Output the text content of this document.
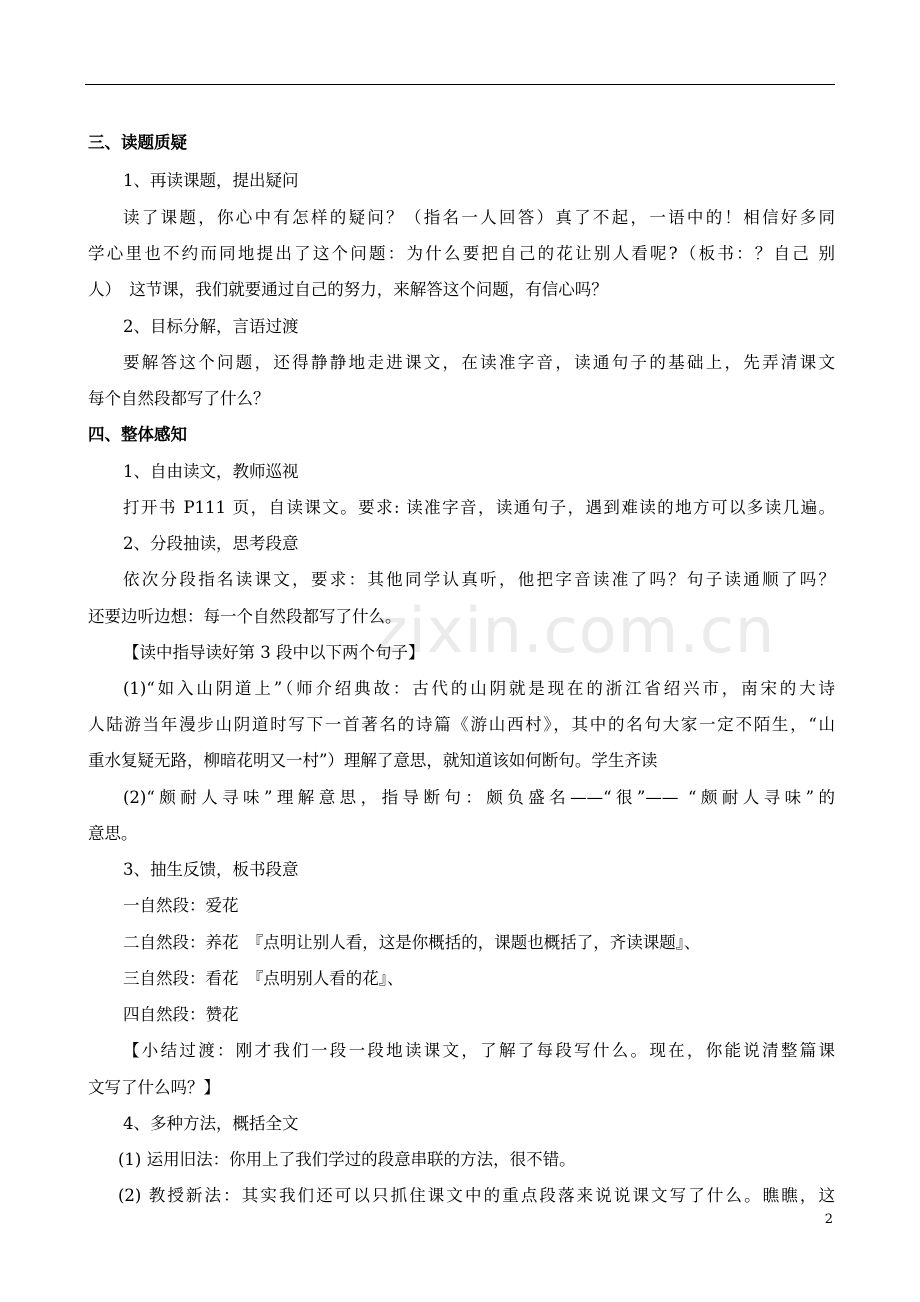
zixin.com.cn
三、读题质疑
1、再读课题，提出疑问
读了课题，你心中有怎样的疑问？（指名一人回答）真了不起，一语中的！相信好多同
学心里也不约而同地提出了这个问题：为什么要把自己的花让别人看呢?（板书：？自己 别
人）　这节课，我们就要通过自己的努力，来解答这个问题，有信心吗？
2、目标分解，言语过渡
要解答这个问题，还得静静地走进课文，在读准字音，读通句子的基础上，先弄清课文
每个自然段都写了什么？
四、整体感知
1、自由读文，教师巡视
打开书 P111 页，自读课文。要求: 读准字音，读通句子，遇到难读的地方可以多读几遍。
2、分段抽读，思考段意
依次分段指名读课文，要求：其他同学认真听，他把字音读准了吗？句子读通顺了吗？
还要边听边想：每一个自然段都写了什么。
【读中指导读好第 3 段中以下两个句子】
(1)“如入山阴道上”（师介绍典故：古代的山阴就是现在的浙江省绍兴市，南宋的大诗
人陆游当年漫步山阴道时写下一首著名的诗篇《游山西村》，其中的名句大家一定不陌生，“山
重水复疑无路，柳暗花明又一村”）理解了意思，就知道该如何断句。学生齐读
(2)“颇耐人寻味”理解意思，指导断句：颇负盛名——“很”—— “颇耐人寻味”的
意思。
3、抽生反馈，板书段意
一自然段：爱花
二自然段：养花　『点明让别人看，这是你概括的，课题也概括了，齐读课题』、
三自然段：看花　『点明别人看的花』、
四自然段：赞花
【小结过渡：刚才我们一段一段地读课文，了解了每段写什么。现在，你能说清整篇课
文写了什么吗？】
4、多种方法，概括全文
(1) 运用旧法：你用上了我们学过的段意串联的方法，很不错。
(2) 教授新法：其实我们还可以只抓住课文中的重点段落来说说课文写了什么。瞧瞧，这
2
